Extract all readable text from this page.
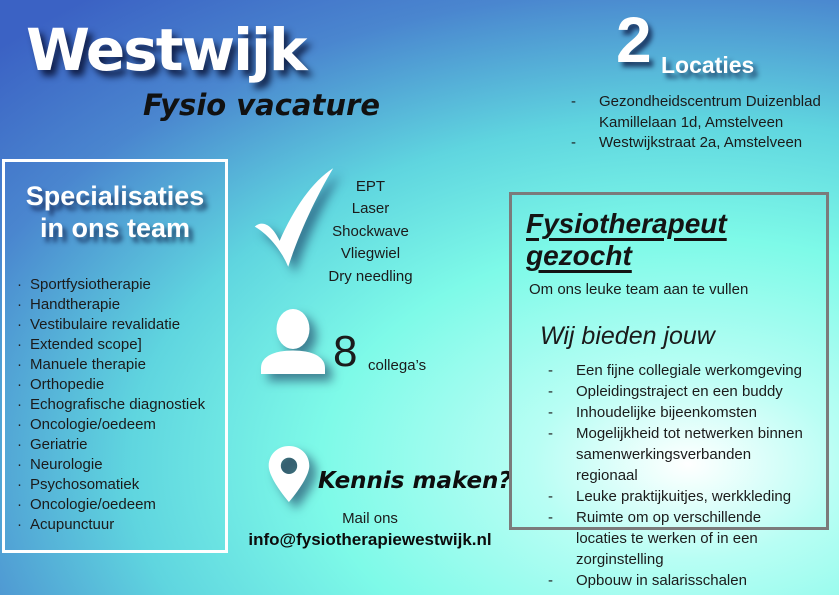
Westwijk
Fysio vacature
2 Locaties
-	Gezondheidscentrum Duizenblad
Kamillelaan 1d, Amstelveen
-	Westwijkstraat 2a, Amstelveen
Specialisaties
in ons team
· Sportfysiotherapie
· Handtherapie
· Vestibulaire revalidatie
· Extended scope]
· Manuele therapie
· Orthopedie
· Echografische diagnostiek
· Oncologie/oedeem
· Geriatrie
· Neurologie
· Psychosomatiek
· Oncologie/oedeem
· Acupunctuur
EPT
Laser
Shockwave
Vliegwiel
Dry needling
8 collega’s
Kennis maken?
Mail ons
info@fysiotherapiewestwijk.nl
Fysiotherapeut gezocht
Om ons leuke team aan te vullen
Wij bieden jouw
-	Een fijne collegiale werkomgeving
-	Opleidingstraject en een buddy
-	Inhoudelijke bijeenkomsten
-	Mogelijkheid tot netwerken binnen samenwerkingsverbanden regionaal
-	Leuke praktijkuitjes, werkkleding
-	Ruimte om op verschillende locaties te werken of in een zorginstelling
-	Opbouw in salarisschalen
